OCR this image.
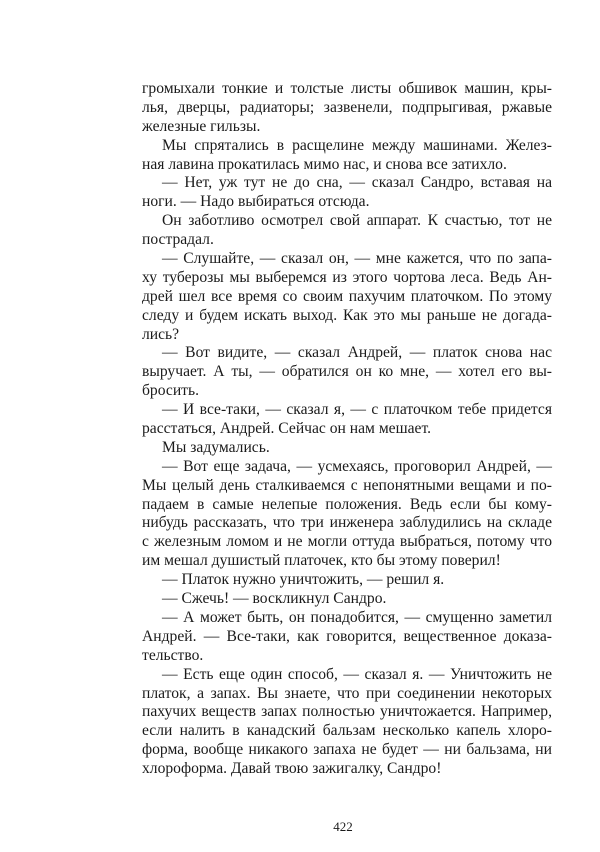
громыхали тонкие и толстые листы обшивок машин, кры-
лья, дверцы, радиаторы; зазвенели, подпрыгивая, ржавые
железные гильзы.
Мы спрятались в расщелине между машинами. Желез-
ная лавина прокатилась мимо нас, и снова все затихло.
— Нет, уж тут не до сна, — сказал Сандро, вставая на
ноги. — Надо выбираться отсюда.
Он заботливо осмотрел свой аппарат. К счастью, тот не
пострадал.
— Слушайте, — сказал он, — мне кажется, что по запа-
ху туберозы мы выберемся из этого чортова леса. Ведь Ан-
дрей шел все время со своим пахучим платочком. По этому
следу и будем искать выход. Как это мы раньше не догада-
лись?
— Вот видите, — сказал Андрей, — платок снова нас
выручает. А ты, — обратился он ко мне, — хотел его вы-
бросить.
— И все-таки, — сказал я, — с платочком тебе придется
расстаться, Андрей. Сейчас он нам мешает.
Мы задумались.
— Вот еще задача, — усмехаясь, проговорил Андрей, —
Мы целый день сталкиваемся с непонятными вещами и по-
падаем в самые нелепые положения. Ведь если бы кому-
нибудь рассказать, что три инженера заблудились на складе
с железным ломом и не могли оттуда выбраться, потому что
им мешал душистый платочек, кто бы этому поверил!
— Платок нужно уничтожить, — решил я.
— Сжечь! — воскликнул Сандро.
— А может быть, он понадобится, — смущенно заметил
Андрей. — Все-таки, как говорится, вещественное доказа-
тельство.
— Есть еще один способ, — сказал я. — Уничтожить не
платок, а запах. Вы знаете, что при соединении некоторых
пахучих веществ запах полностью уничтожается. Например,
если налить в канадский бальзам несколько капель хлоро-
форма, вообще никакого запаха не будет — ни бальзама, ни
хлороформа. Давай твою зажигалку, Сандро!
422
